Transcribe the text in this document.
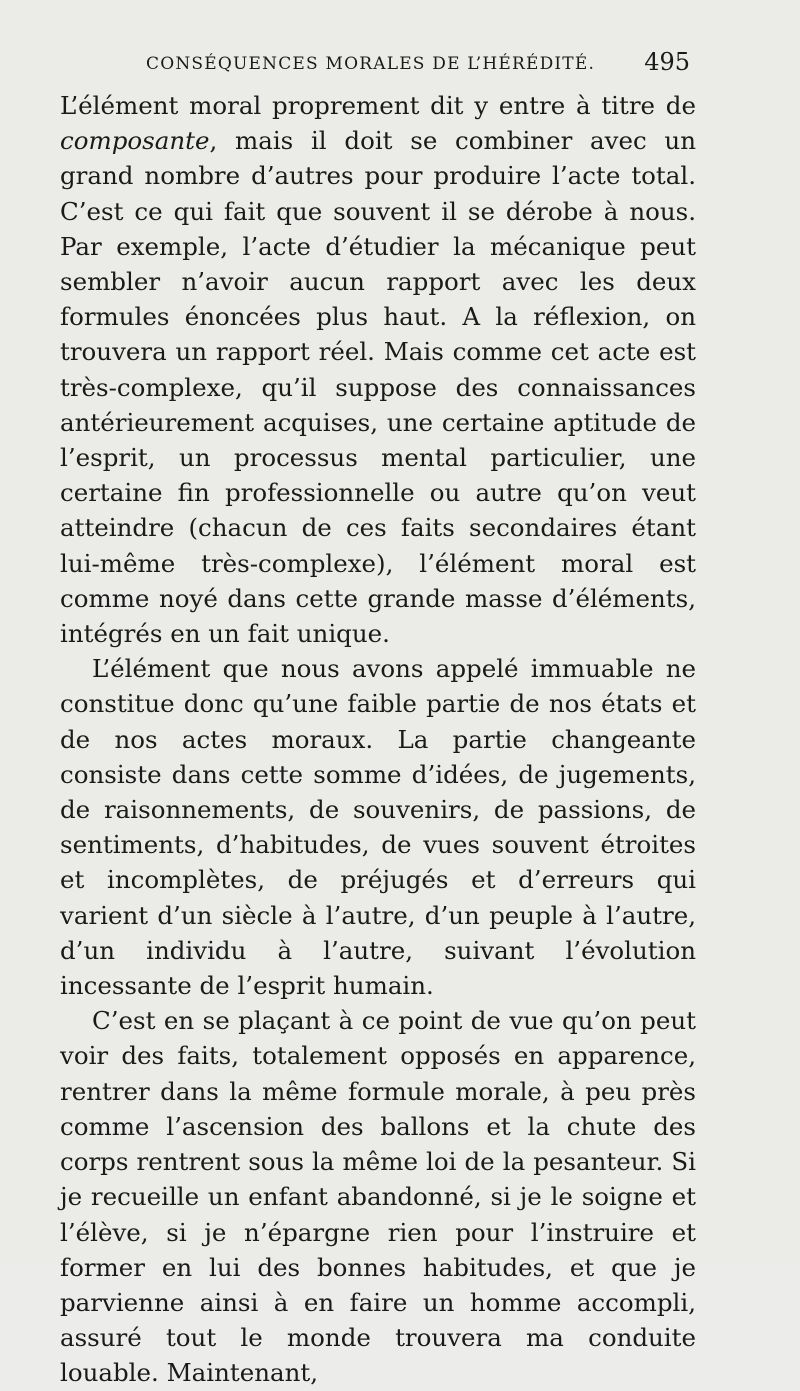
CONSÉQUENCES MORALES DE L’HÉRÉDITÉ. 495

L’élément moral proprement dit y entre à titre de composante, mais il doit se combiner avec un grand nombre d’autres pour produire l’acte total. C’est ce qui fait que souvent il se dérobe à nous. Par exemple, l’acte d’étudier la mécanique peut sembler n’avoir aucun rapport avec les deux formules énoncées plus haut. A la réflexion, on trouvera un rapport réel. Mais comme cet acte est très-complexe, qu’il suppose des connaissances antérieurement acquises, une certaine aptitude de l’esprit, un processus mental particulier, une certaine fin professionnelle ou autre qu’on veut atteindre (chacun de ces faits secondaires étant lui-même très-complexe), l’élément moral est comme noyé dans cette grande masse d’éléments, intégrés en un fait unique.

L’élément que nous avons appelé immuable ne constitue donc qu’une faible partie de nos états et de nos actes moraux. La partie changeante consiste dans cette somme d’idées, de jugements, de raisonnements, de souvenirs, de passions, de sentiments, d’habitudes, de vues souvent étroites et incomplètes, de préjugés et d’erreurs qui varient d’un siècle à l’autre, d’un peuple à l’autre, d’un individu à l’autre, suivant l’évolution incessante de l’esprit humain.

C’est en se plaçant à ce point de vue qu’on peut voir des faits, totalement opposés en apparence, rentrer dans la même formule morale, à peu près comme l’ascension des ballons et la chute des corps rentrent sous la même loi de la pesanteur. Si je recueille un enfant abandonné, si je le soigne et l’élève, si je n’épargne rien pour l’instruire et former en lui des bonnes habitudes, et que je parvienne ainsi à en faire un homme accompli, assuré tout le monde trouvera ma conduite louable. Maintenant,
